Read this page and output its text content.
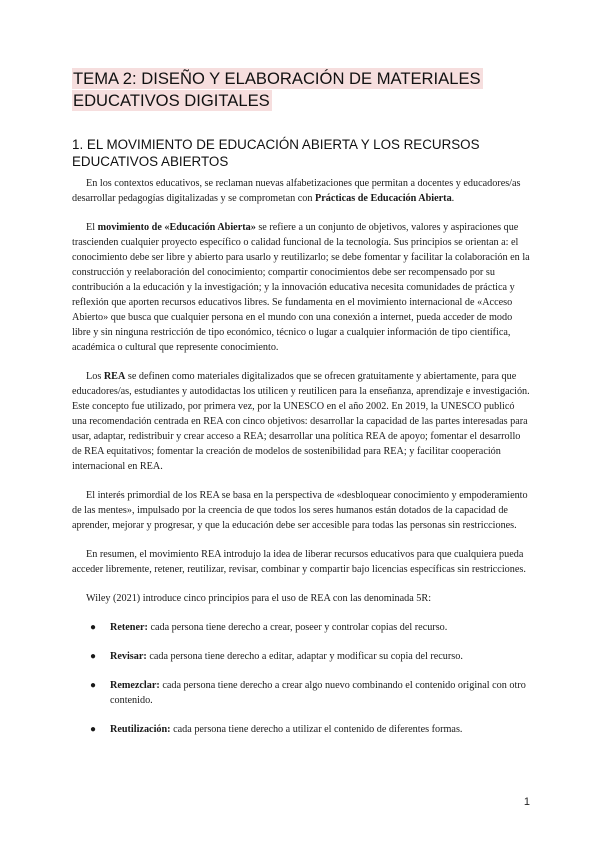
TEMA 2: DISEÑO Y ELABORACIÓN DE MATERIALES
EDUCATIVOS DIGITALES
1. EL MOVIMIENTO DE EDUCACIÓN ABIERTA Y LOS RECURSOS
EDUCATIVOS ABIERTOS

En los contextos educativos, se reclaman nuevas alfabetizaciones que permitan a docentes y educadores/as desarrollar pedagogías digitalizadas y se comprometan con Prácticas de Educación Abierta.

El movimiento de «Educación Abierta» se refiere a un conjunto de objetivos, valores y aspiraciones que trascienden cualquier proyecto específico o calidad funcional de la tecnología. Sus principios se orientan a: el conocimiento debe ser libre y abierto para usarlo y reutilizarlo; se debe fomentar y facilitar la colaboración en la construcción y reelaboración del conocimiento; compartir conocimientos debe ser recompensado por su contribución a la educación y la investigación; y la innovación educativa necesita comunidades de práctica y reflexión que aporten recursos educativos libres. Se fundamenta en el movimiento internacional de «Acceso Abierto» que busca que cualquier persona en el mundo con una conexión a internet, pueda acceder de modo libre y sin ninguna restricción de tipo económico, técnico o lugar a cualquier información de tipo científica, académica o cultural que represente conocimiento.

Los REA se definen como materiales digitalizados que se ofrecen gratuitamente y abiertamente, para que educadores/as, estudiantes y autodidactas los utilicen y reutilicen para la enseñanza, aprendizaje e investigación. Este concepto fue utilizado, por primera vez, por la UNESCO en el año 2002. En 2019, la UNESCO publicó una recomendación centrada en REA con cinco objetivos: desarrollar la capacidad de las partes interesadas para usar, adaptar, redistribuir y crear acceso a REA; desarrollar una política REA de apoyo; fomentar el desarrollo de REA equitativos; fomentar la creación de modelos de sostenibilidad para REA; y facilitar cooperación internacional en REA.

El interés primordial de los REA se basa en la perspectiva de «desbloquear conocimiento y empoderamiento de las mentes», impulsado por la creencia de que todos los seres humanos están dotados de la capacidad de aprender, mejorar y progresar, y que la educación debe ser accesible para todas las personas sin restricciones.

En resumen, el movimiento REA introdujo la idea de liberar recursos educativos para que cualquiera pueda acceder libremente, retener, reutilizar, revisar, combinar y compartir bajo licencias específicas sin restricciones.

Wiley (2021) introduce cinco principios para el uso de REA con las denominada 5R:

● Retener: cada persona tiene derecho a crear, poseer y controlar copias del recurso.
● Revisar: cada persona tiene derecho a editar, adaptar y modificar su copia del recurso.
● Remezclar: cada persona tiene derecho a crear algo nuevo combinando el contenido original con otro contenido.
● Reutilización: cada persona tiene derecho a utilizar el contenido de diferentes formas.
1
